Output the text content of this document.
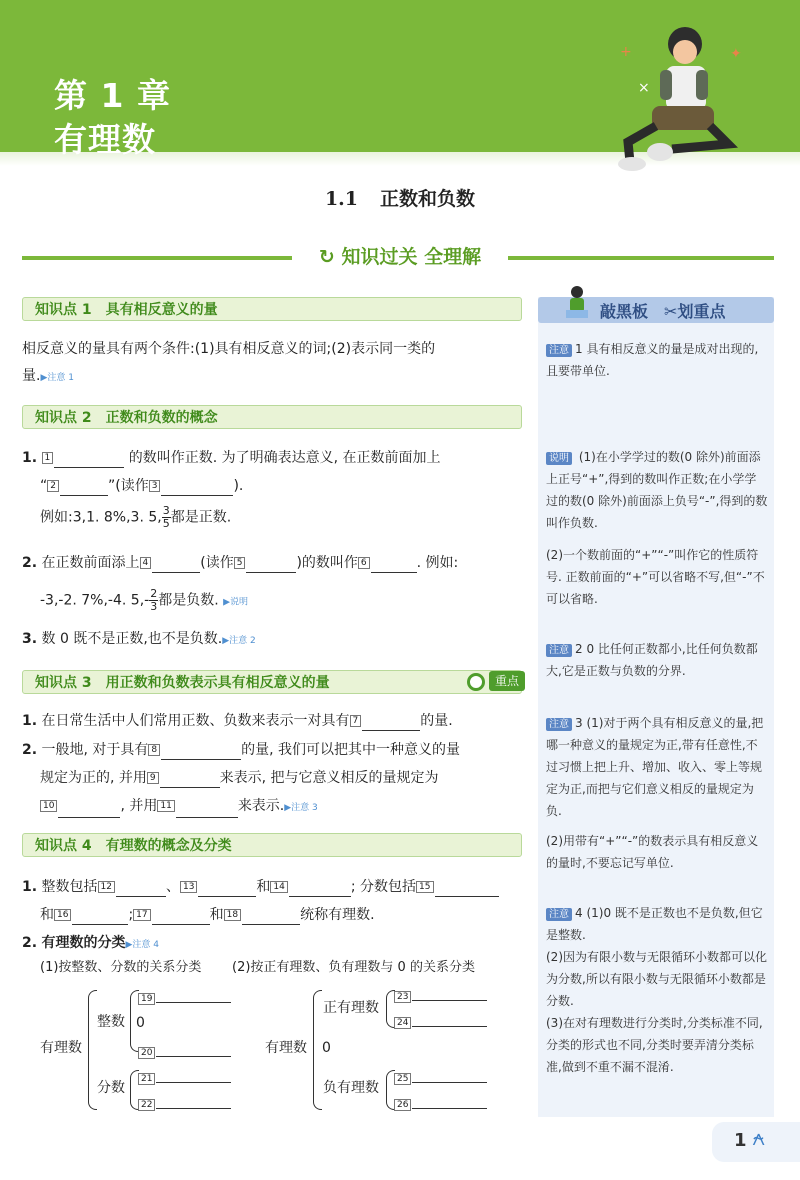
第 1 章
有理数
+	✦
×
1.1 正数和负数
↻ 知识过关 全理解
知识点 1 具有相反意义的量
相反意义的量具有两个条件:(1)具有相反意义的词;(2)表示同一类的
量.▶注意 1
知识点 2 正数和负数的概念
1. 1	的数叫作正数. 为了明确表达意义, 在正数前面加上
“ 2	”(读作 3	).
例如:3,1. 8%,3. 5, $\frac{3}{5}$都是正数.
2. 在正数前面添上 4	(读作 5	)的数叫作 6	. 例如:
-3,-2. 7%,-4. $5,- \frac{2}{3}$都是负数. ▶说明
3. 数 0 既不是正数,也不是负数.▶注意 2
知识点 3 用正数和负数表示具有相反意义的量	重点
1. 在日常生活中人们常用正数、负数来表示一对具有 7	的量.
2. 一般地, 对于具有 8	的量, 我们可以把其中一种意义的量
规定为正的, 并用 9	来表示, 把与它意义相反的量规定为
10	, 并用 11	来表示.▶注意 3
知识点 4 有理数的概念及分类
1. 整数包括 12	、 13	和 14	; 分数包括 15
和 16	; 17	和 18	统称有理数.
2. 有理数的分类▶注意 4
(1)按整数、分数的关系分类 (2)按正有理数、负有理数与 0 的关系分类
有理数
整数
19
0
20
分数
21
22
有理数
正有理数
23
24
0
负有理数
25
26
敲黑板　 ✂划重点
注意 1 具有相反意义的量是成对出现的,且要带单位.
说明 (1)在小学学过的数(0 除外)前面添上正号“+”,得到的数叫作正数;在小学学过的数(0 除外)前面添上负号“-”,得到的数叫作负数.
(2)一个数前面的“+”“-”叫作它的性质符号. 正数前面的“+”可以省略不写,但“-”不可以省略.
注意 2 0 比任何正数都小,比任何负数都大,它是正数与负数的分界.
注意 3 (1)对于两个具有相反意义的量,把哪一种意义的量规定为正,带有任意性,不过习惯上把上升、增加、收入、零上等规定为正,而把与它们意义相反的量规定为负.
(2)用带有“+”“-”的数表示具有相反意义的量时,不要忘记写单位.
注意 4 (1)0 既不是正数也不是负数,但它是整数.
(2)因为有限小数与无限循环小数都可以化为分数,所以有限小数与无限循环小数都是分数.
(3)在对有理数进行分类时,分类标准不同,分类的形式也不同,分类时要弄清分类标准,做到不重不漏不混淆.
1 ⍲
